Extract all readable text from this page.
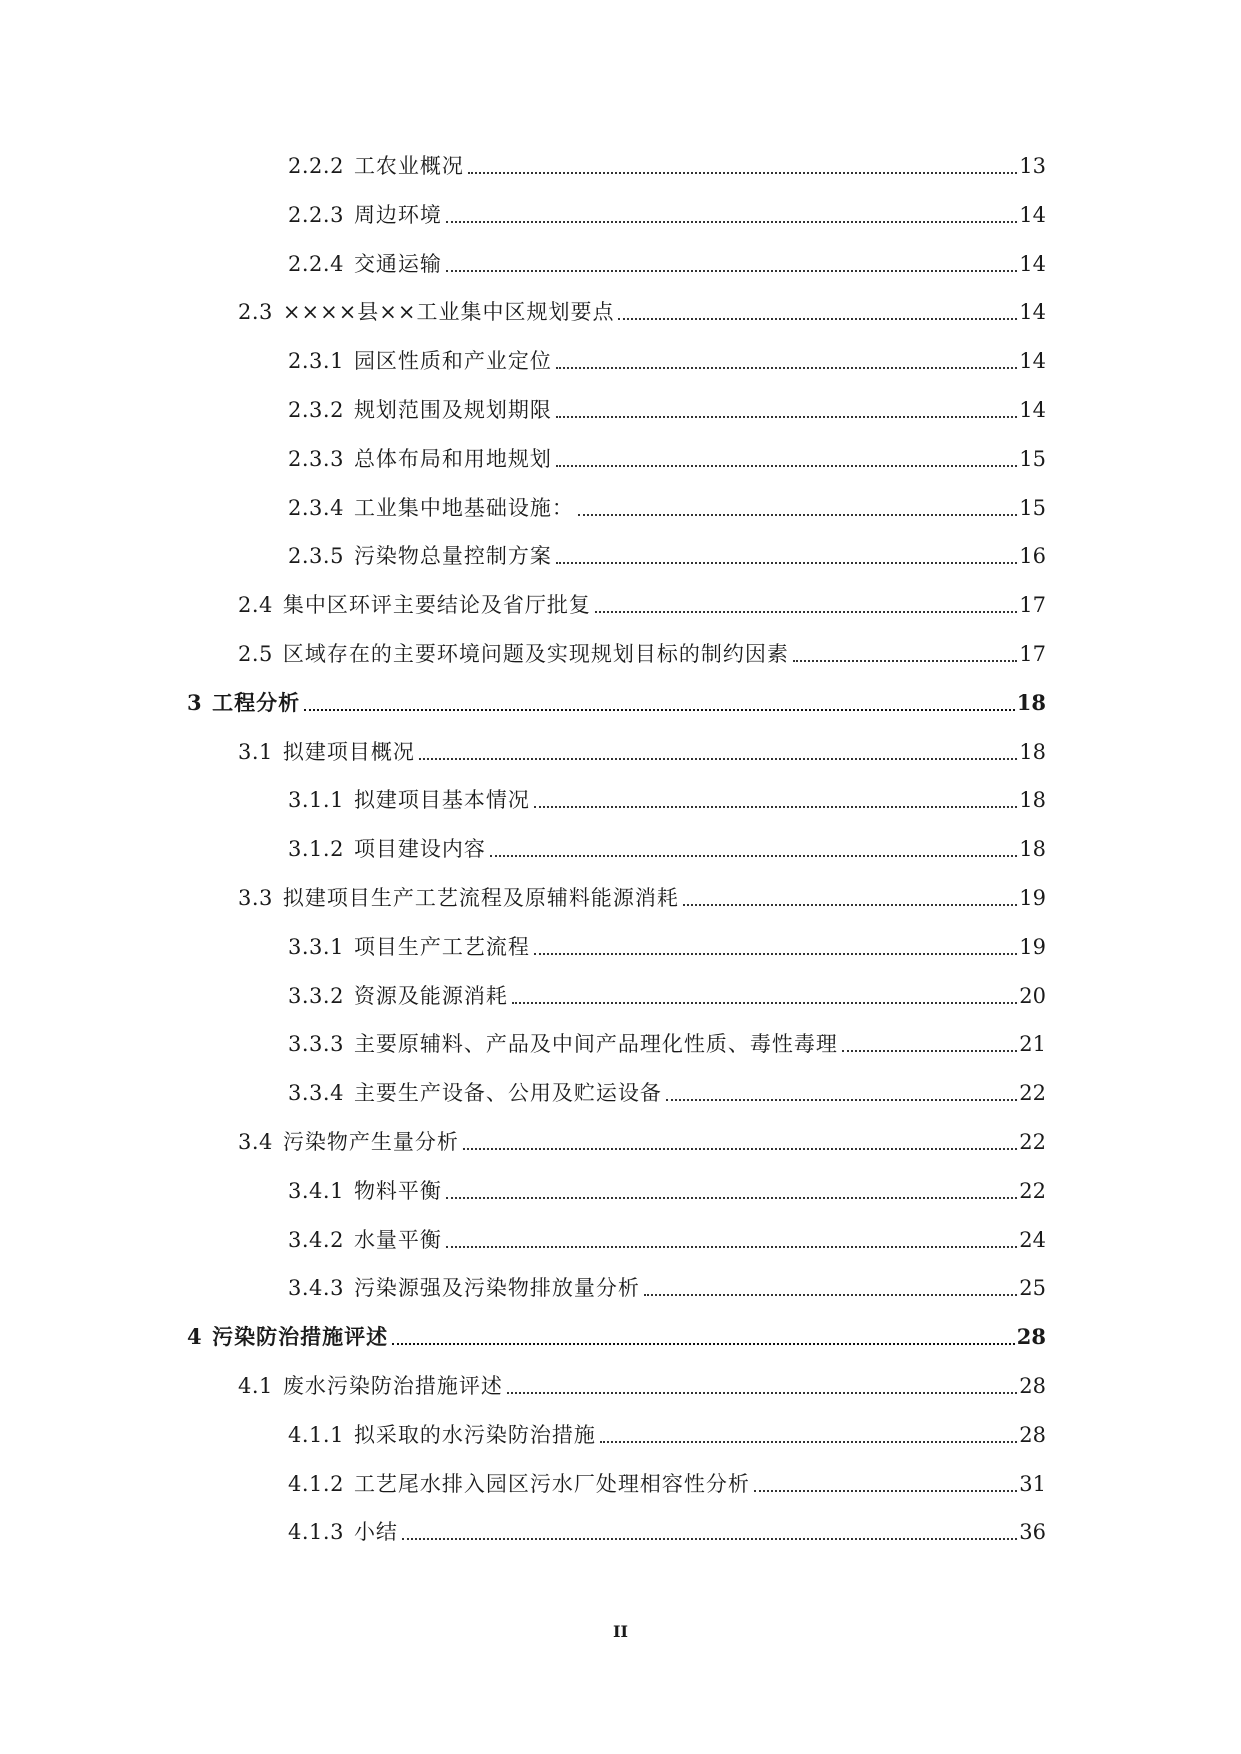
2.2.2 工农业概况	13
2.2.3 周边环境	14
2.2.4 交通运输	14
2.3 ××××县××工业集中区规划要点	14
2.3.1 园区性质和产业定位	14
2.3.2 规划范围及规划期限	14
2.3.3 总体布局和用地规划	15
2.3.4 工业集中地基础设施：	15
2.3.5 污染物总量控制方案	16
2.4 集中区环评主要结论及省厅批复	17
2.5 区域存在的主要环境问题及实现规划目标的制约因素	17
3 工程分析	18
3.1 拟建项目概况	18
3.1.1 拟建项目基本情况	18
3.1.2 项目建设内容	18
3.3 拟建项目生产工艺流程及原辅料能源消耗	19
3.3.1 项目生产工艺流程	19
3.3.2 资源及能源消耗	20
3.3.3 主要原辅料、产品及中间产品理化性质、毒性毒理	21
3.3.4 主要生产设备、公用及贮运设备	22
3.4 污染物产生量分析	22
3.4.1 物料平衡	22
3.4.2 水量平衡	24
3.4.3 污染源强及污染物排放量分析	25
4 污染防治措施评述	28
4.1 废水污染防治措施评述	28
4.1.1 拟采取的水污染防治措施	28
4.1.2 工艺尾水排入园区污水厂处理相容性分析	31
4.1.3 小结	36
II
